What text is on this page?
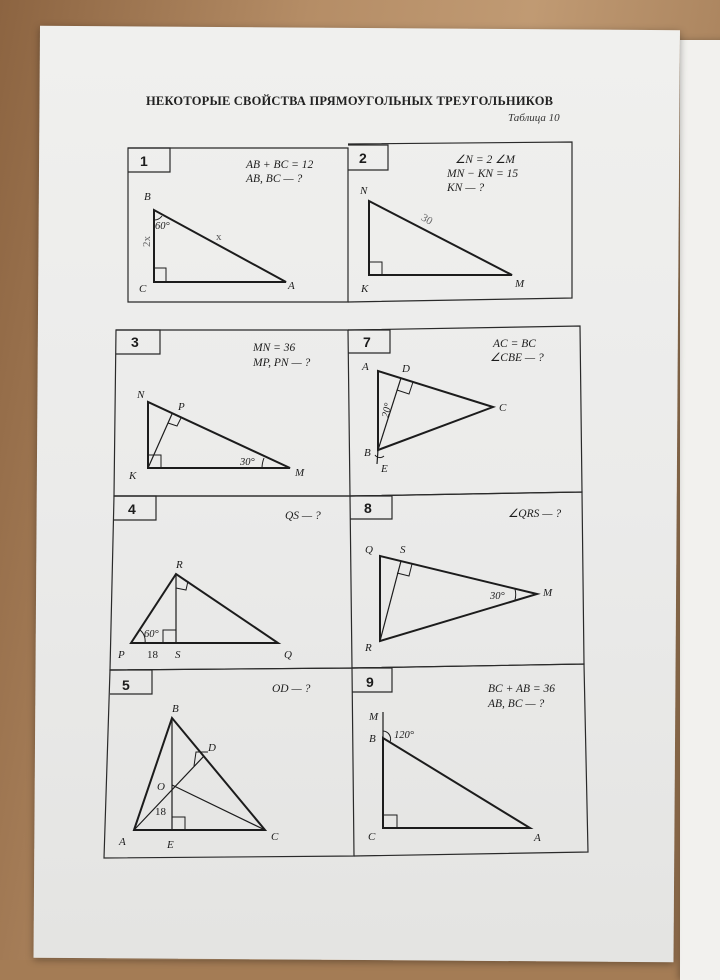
НЕКОТОРЫЕ СВОЙСТВА ПРЯМОУГОЛЬНЫХ ТРЕУГОЛЬНИКОВ
Таблица 10
1	AB + BC = 12
AB, BC — ?
B
C	A
60°
2x	x
2	∠N = 2 ∠M
MN − KN = 15
KN — ?
N
K	M
30
3	MN = 36
MP, PN — ?
N
P
K	M
30°
7	AC = BC
∠CBE — ?
A	D
C
B
E
20°
4	QS — ?
R
P	S	Q
60°
18
8	∠QRS — ?
Q S
M
R
30°
5	OD — ?
B
D
O
A	E
C
18
9	BC + AB = 36
AB, BC — ?
M
B
C	A
120°
